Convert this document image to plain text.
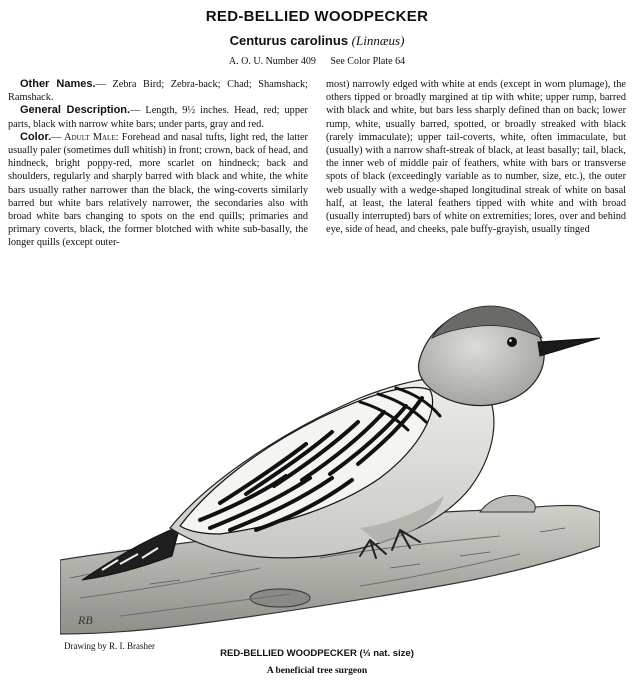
RED-BELLIED WOODPECKER
Centurus carolinus (Linnæus)
A. O. U. Number 409 See Color Plate 64

Other Names.— Zebra Bird; Zebra-back; Chad; Shamshack; Ramshack.

General Description.— Length, 9½ inches. Head, red; upper parts, black with narrow white bars; under parts, gray and red.

Color.— Adult Male: Forehead and nasal tufts, light red, the latter usually paler (sometimes dull whitish) in front; crown, back of head, and hindneck, bright poppy-red, more scarlet on hindneck; back and shoulders, regularly and sharply barred with black and white, the white bars usually rather narrower than the black, the wing-coverts similarly barred but white bars relatively narrower, the secondaries also with broad white bars changing to spots on the end quills; primaries and primary coverts, black, the former blotched with white sub-basally, the longer quills (except outer-

most) narrowly edged with white at ends (except in worn plumage), the others tipped or broadly margined at tip with white; upper rump, barred with black and white, but bars less sharply defined than on back; lower rump, white, usually barred, spotted, or broadly streaked with black (rarely immaculate); upper tail-coverts, white, often immaculate, but (usually) with a narrow shaft-streak of black, at least basally; tail, black, the inner web of middle pair of feathers, white with bars or transverse spots of black (exceedingly variable as to number, size, etc.), the outer web usually with a wedge-shaped longitudinal streak of white on basal half, at least, the lateral feathers tipped with white and with broad (usually interrupted) bars of white on extremities; lores, over and behind eye, side of head, and cheeks, pale buffy-grayish, usually tinged

RB
Drawing by R. I. Brasher
RED-BELLIED WOODPECKER (⅓ nat. size)
A beneficial tree surgeon
